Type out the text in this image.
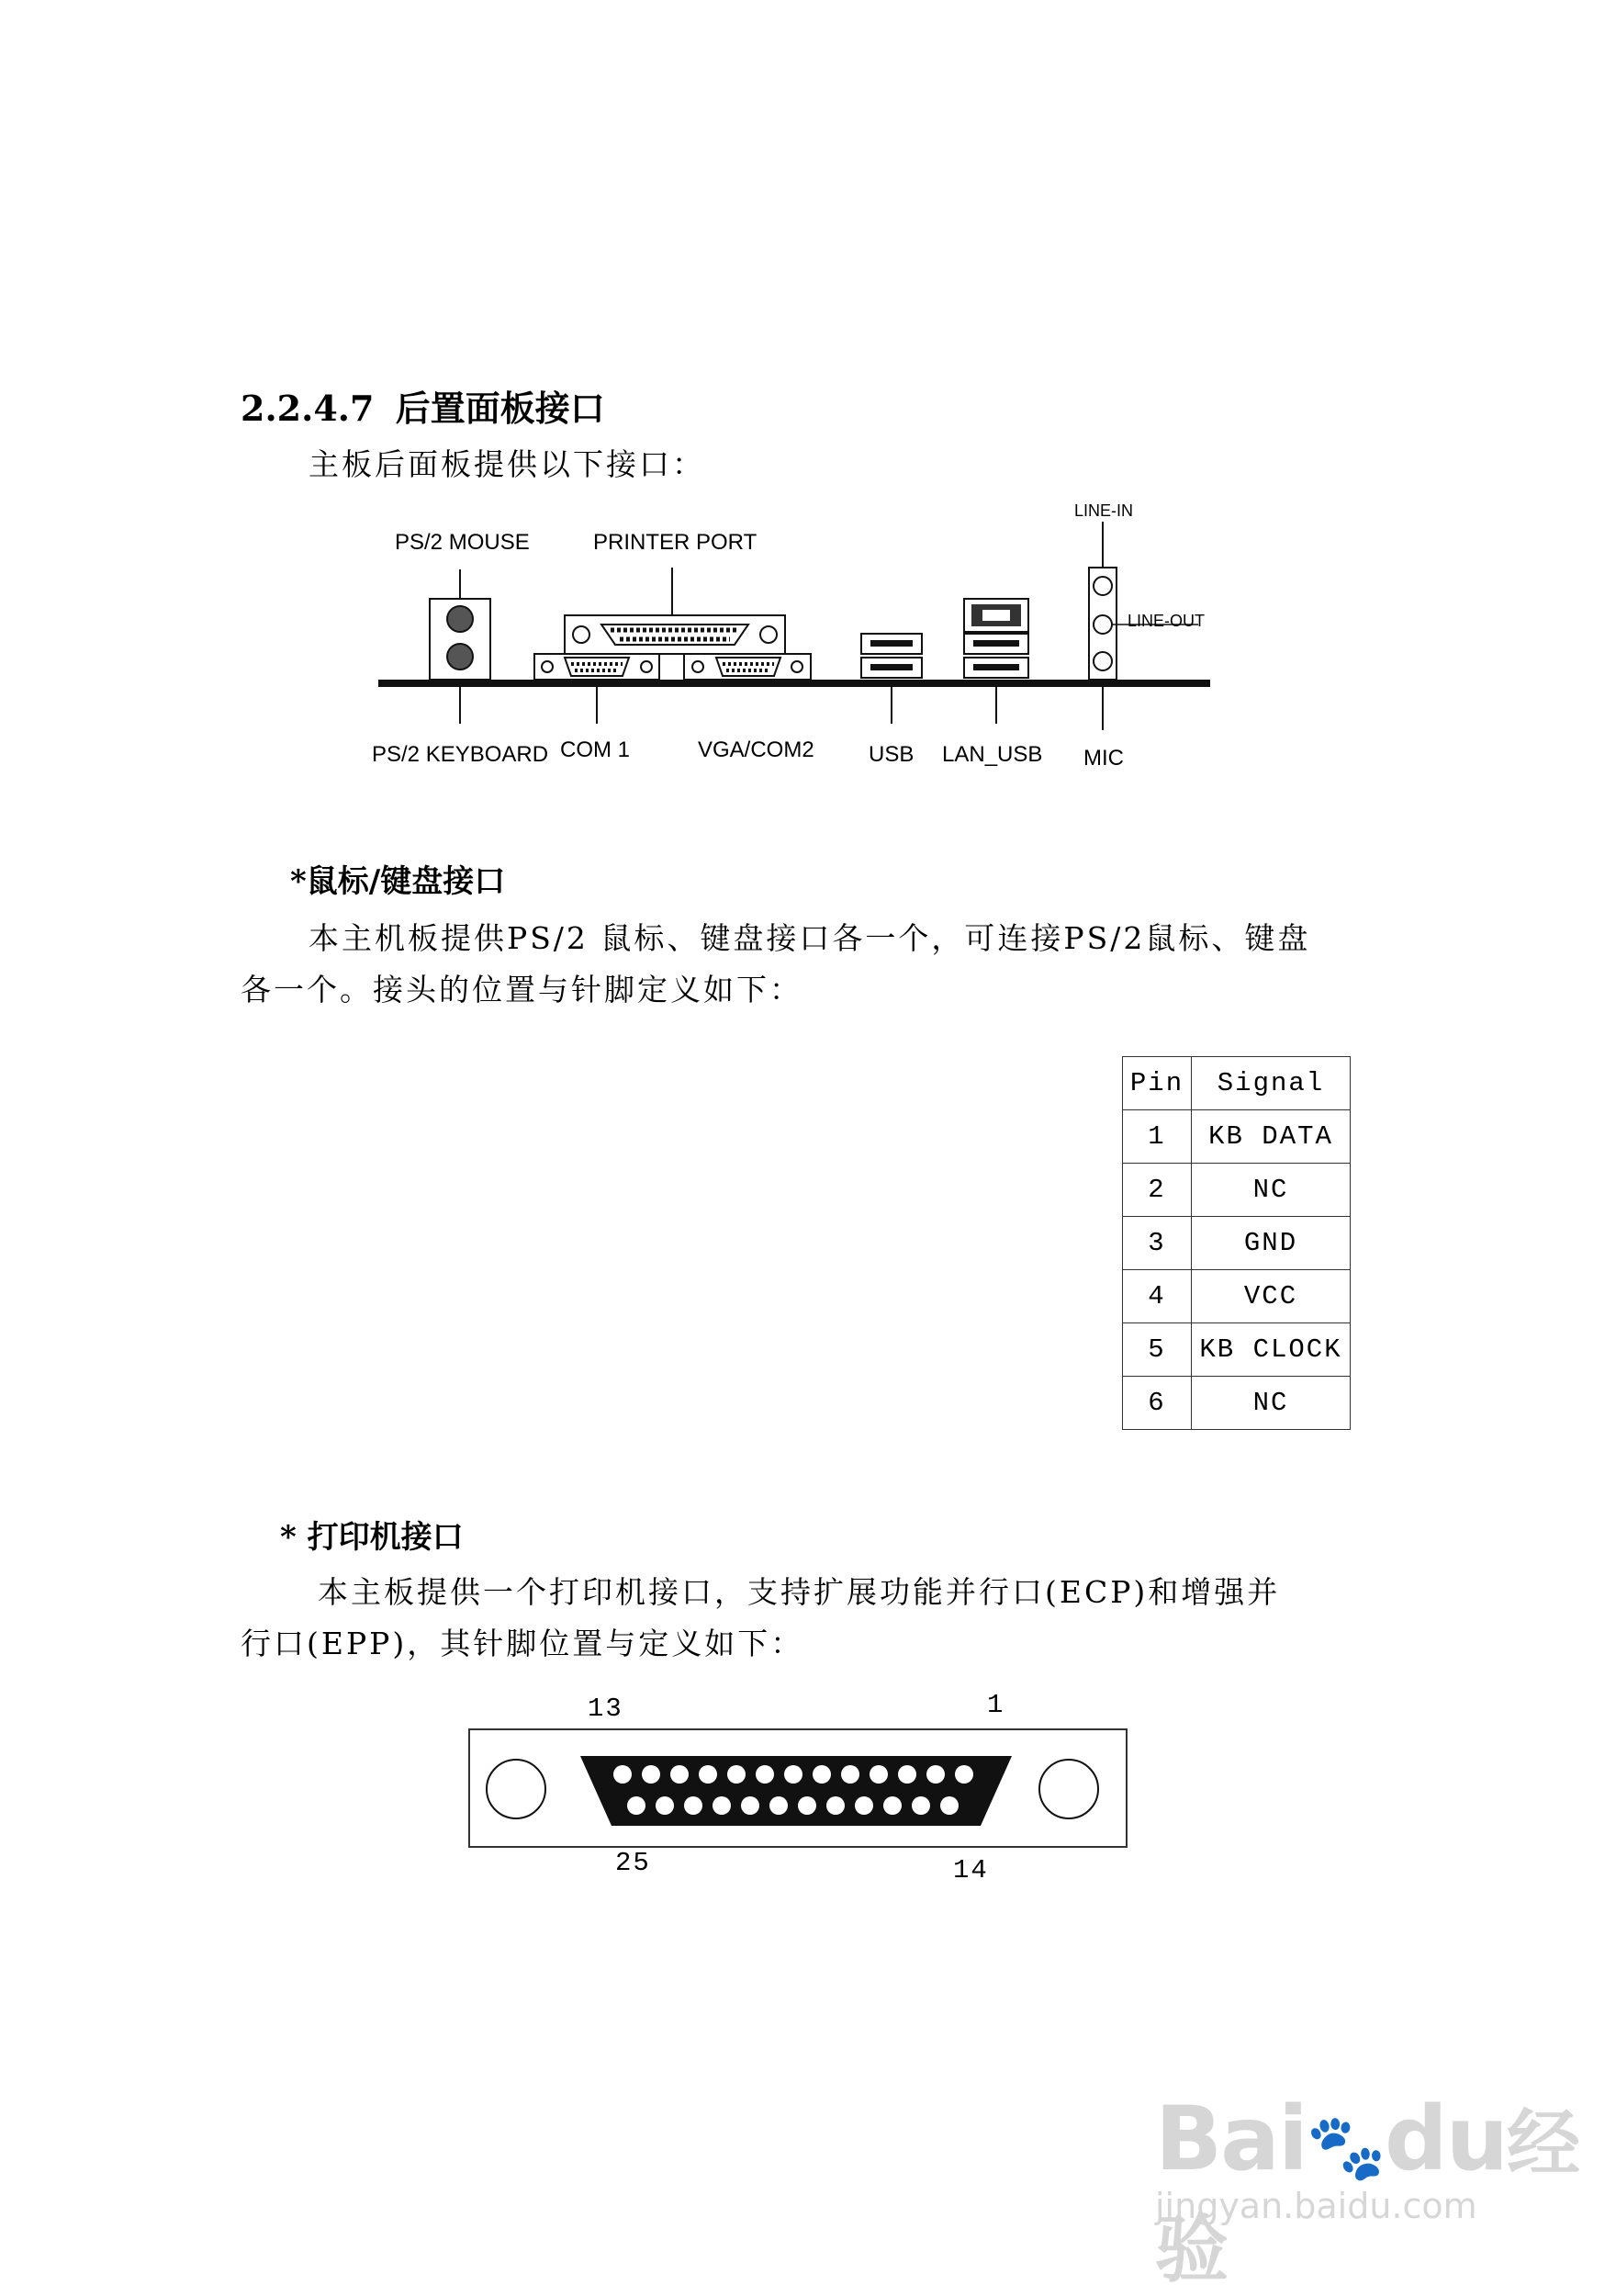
2.2.4.7 后置面板接口
主板后面板提供以下接口：
PS/2 MOUSE	PRINTER PORT
LINE-IN
LINE-OUT
PS/2 KEYBOARD COM 1	VGA/COM2 USB LAN_USB MIC
*鼠标/键盘接口
本主机板提供PS/2 鼠标、键盘接口各一个，可连接PS/2鼠标、键盘
各一个。接头的位置与针脚定义如下：
Pin	Signal
1	KB DATA
2	NC
3	GND
4	VCC
5	KB CLOCK
6	NC
* 打印机接口
本主板提供一个打印机接口，支持扩展功能并行口(ECP)和增强并
行口(EPP)，其针脚位置与定义如下：
13	1
25	14
Bai🐾du经验
jingyan.baidu.com
